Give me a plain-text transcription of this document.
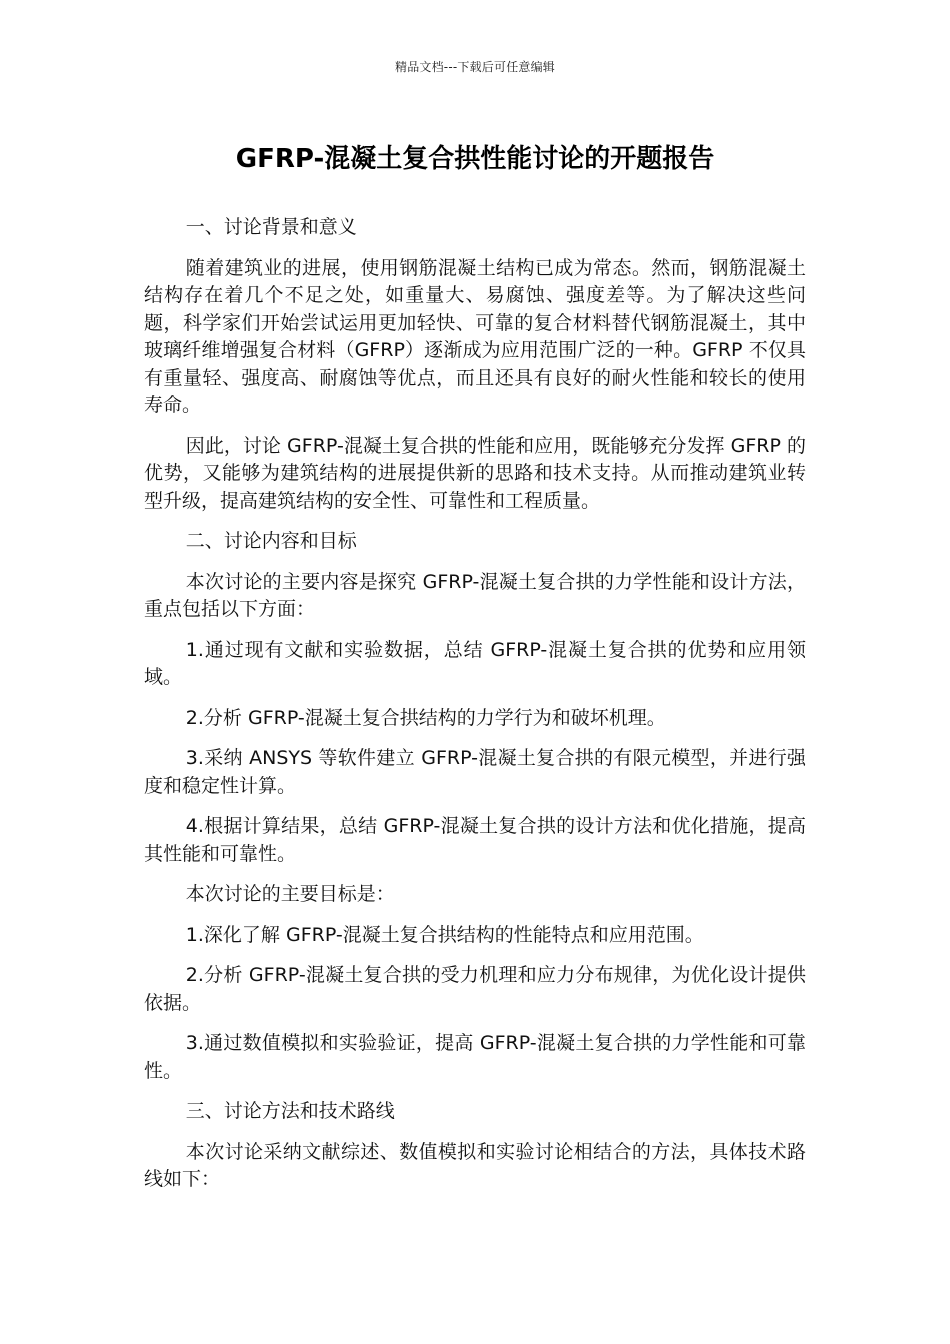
精品文档---下载后可任意编辑
GFRP-混凝土复合拱性能讨论的开题报告

一、讨论背景和意义

随着建筑业的进展，使用钢筋混凝土结构已成为常态。然而，钢筋混凝土结构存在着几个不足之处，如重量大、易腐蚀、强度差等。为了解决这些问题，科学家们开始尝试运用更加轻快、可靠的复合材料替代钢筋混凝土，其中玻璃纤维增强复合材料（GFRP）逐渐成为应用范围广泛的一种。GFRP 不仅具有重量轻、强度高、耐腐蚀等优点，而且还具有良好的耐火性能和较长的使用寿命。

因此，讨论 GFRP-混凝土复合拱的性能和应用，既能够充分发挥 GFRP 的优势，又能够为建筑结构的进展提供新的思路和技术支持。从而推动建筑业转型升级，提高建筑结构的安全性、可靠性和工程质量。

二、讨论内容和目标

本次讨论的主要内容是探究 GFRP-混凝土复合拱的力学性能和设计方法，重点包括以下方面：

1.通过现有文献和实验数据，总结 GFRP-混凝土复合拱的优势和应用领域。

2.分析 GFRP-混凝土复合拱结构的力学行为和破坏机理。

3.采纳 ANSYS 等软件建立 GFRP-混凝土复合拱的有限元模型，并进行强度和稳定性计算。

4.根据计算结果，总结 GFRP-混凝土复合拱的设计方法和优化措施，提高其性能和可靠性。

本次讨论的主要目标是：

1.深化了解 GFRP-混凝土复合拱结构的性能特点和应用范围。

2.分析 GFRP-混凝土复合拱的受力机理和应力分布规律，为优化设计提供依据。

3.通过数值模拟和实验验证，提高 GFRP-混凝土复合拱的力学性能和可靠性。

三、讨论方法和技术路线

本次讨论采纳文献综述、数值模拟和实验讨论相结合的方法，具体技术路线如下：
